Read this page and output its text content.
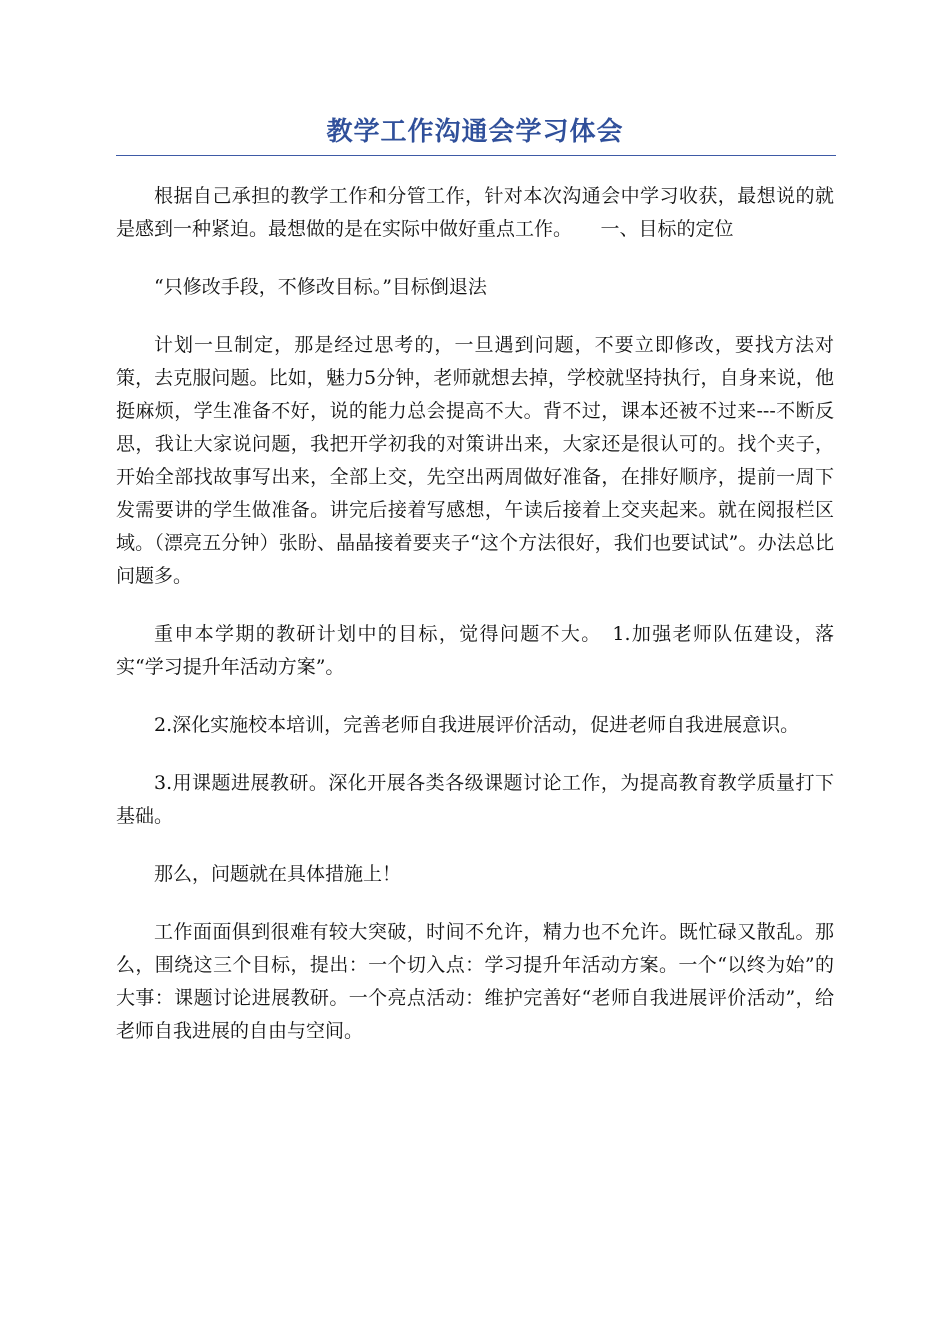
教学工作沟通会学习体会

根据自己承担的教学工作和分管工作，针对本次沟通会中学习收获，最想说的就是感到一种紧迫。最想做的是在实际中做好重点工作。　　一、目标的定位

“只修改手段，不修改目标。”目标倒退法

计划一旦制定，那是经过思考的，一旦遇到问题，不要立即修改，要找方法对策，去克服问题。比如，魅力5分钟，老师就想去掉，学校就坚持执行，自身来说，他挺麻烦，学生准备不好，说的能力总会提高不大。背不过，课本还被不过来---不断反思，我让大家说问题，我把开学初我的对策讲出来，大家还是很认可的。找个夹子，开始全部找故事写出来，全部上交，先空出两周做好准备，在排好顺序，提前一周下发需要讲的学生做准备。讲完后接着写感想，午读后接着上交夹起来。就在阅报栏区域。（漂亮五分钟）张盼、晶晶接着要夹子“这个方法很好，我们也要试试”。办法总比问题多。

重申本学期的教研计划中的目标，觉得问题不大。　1.加强老师队伍建设，落实“学习提升年活动方案”。

2.深化实施校本培训，完善老师自我进展评价活动，促进老师自我进展意识。

3.用课题进展教研。深化开展各类各级课题讨论工作，为提高教育教学质量打下基础。

那么，问题就在具体措施上！

工作面面俱到很难有较大突破，时间不允许，精力也不允许。既忙碌又散乱。那么，围绕这三个目标，提出：一个切入点：学习提升年活动方案。一个“以终为始”的大事：课题讨论进展教研。一个亮点活动：维护完善好“老师自我进展评价活动”，给老师自我进展的自由与空间。
